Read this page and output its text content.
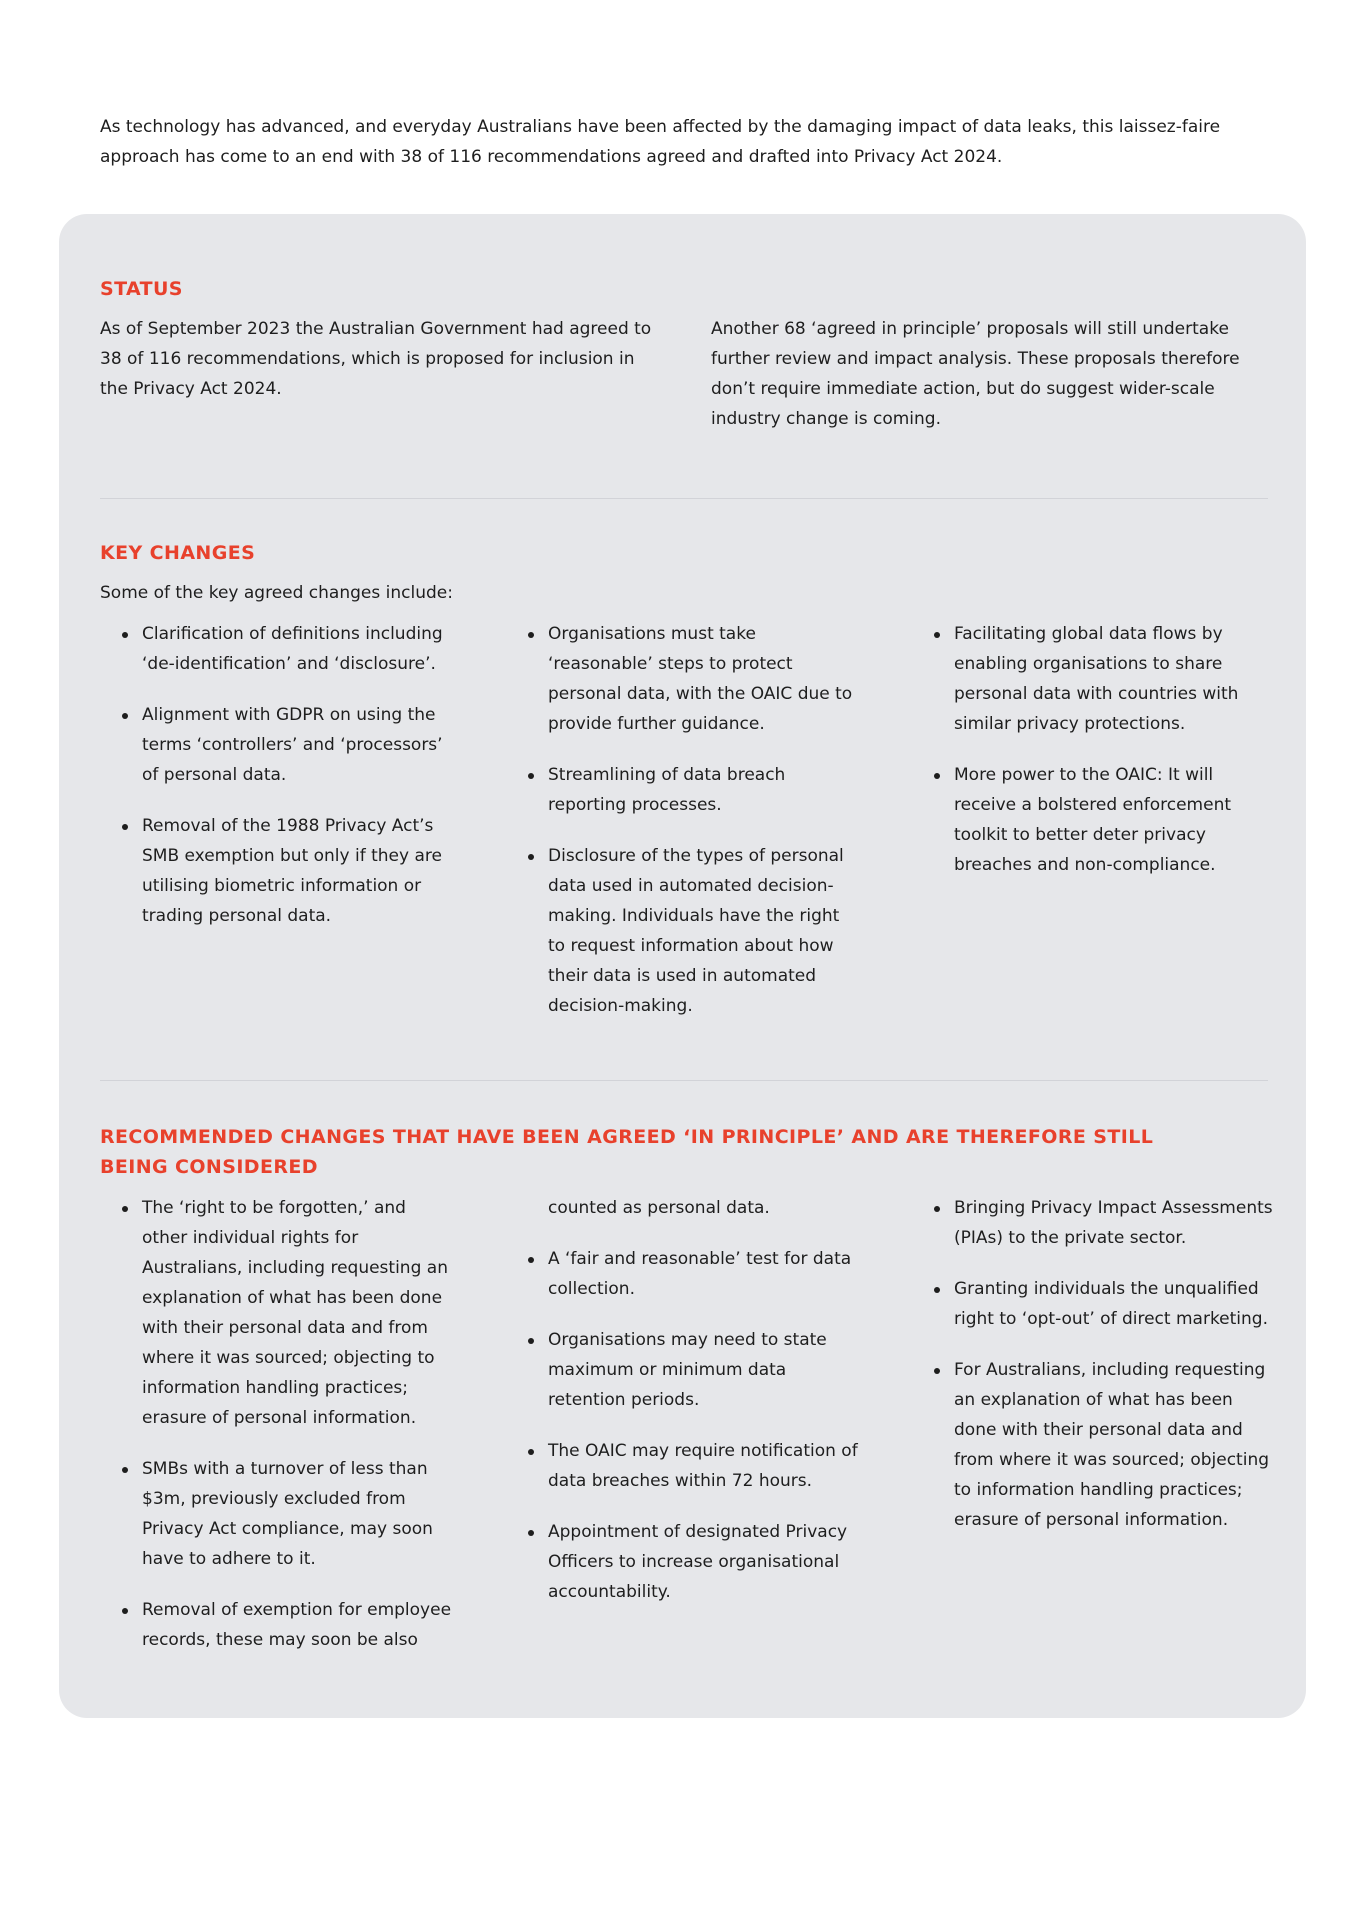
As technology has advanced, and everyday Australians have been affected by the damaging impact of data leaks, this laissez-faire approach has come to an end with 38 of 116 recommendations agreed and drafted into Privacy Act 2024.

STATUS

As of September 2023 the Australian Government had agreed to 38 of 116 recommendations, which is proposed for inclusion in the Privacy Act 2024.

Another 68 ‘agreed in principle’ proposals will still undertake further review and impact analysis. These proposals therefore don’t require immediate action, but do suggest wider-scale industry change is coming.

KEY CHANGES

Some of the key agreed changes include:

Clarification of definitions including ‘de-identification’ and ‘disclosure’.
Alignment with GDPR on using the terms ‘controllers’ and ‘processors’ of personal data.
Removal of the 1988 Privacy Act’s SMB exemption but only if they are utilising biometric information or trading personal data.
Organisations must take ‘reasonable’ steps to protect personal data, with the OAIC due to provide further guidance.
Streamlining of data breach reporting processes.
Disclosure of the types of personal data used in automated decision-making. Individuals have the right to request information about how their data is used in automated decision-making.
Facilitating global data flows by enabling organisations to share personal data with countries with similar privacy protections.
More power to the OAIC: It will receive a bolstered enforcement toolkit to better deter privacy breaches and non-compliance.
RECOMMENDED CHANGES THAT HAVE BEEN AGREED ‘IN PRINCIPLE’ AND ARE THEREFORE STILL BEING CONSIDERED
The ‘right to be forgotten,’ and other individual rights for Australians, including requesting an explanation of what has been done with their personal data and from where it was sourced; objecting to information handling practices; erasure of personal information.
SMBs with a turnover of less than $3m, previously excluded from Privacy Act compliance, may soon have to adhere to it.
Removal of exemption for employee records, these may soon be also
counted as personal data.
A ‘fair and reasonable’ test for data collection.
Organisations may need to state maximum or minimum data retention periods.
The OAIC may require notification of data breaches within 72 hours.
Appointment of designated Privacy Officers to increase organisational accountability.
Bringing Privacy Impact Assessments (PIAs) to the private sector.
Granting individuals the unqualified right to ‘opt-out’ of direct marketing.
For Australians, including requesting an explanation of what has been done with their personal data and from where it was sourced; objecting to information handling practices; erasure of personal information.
